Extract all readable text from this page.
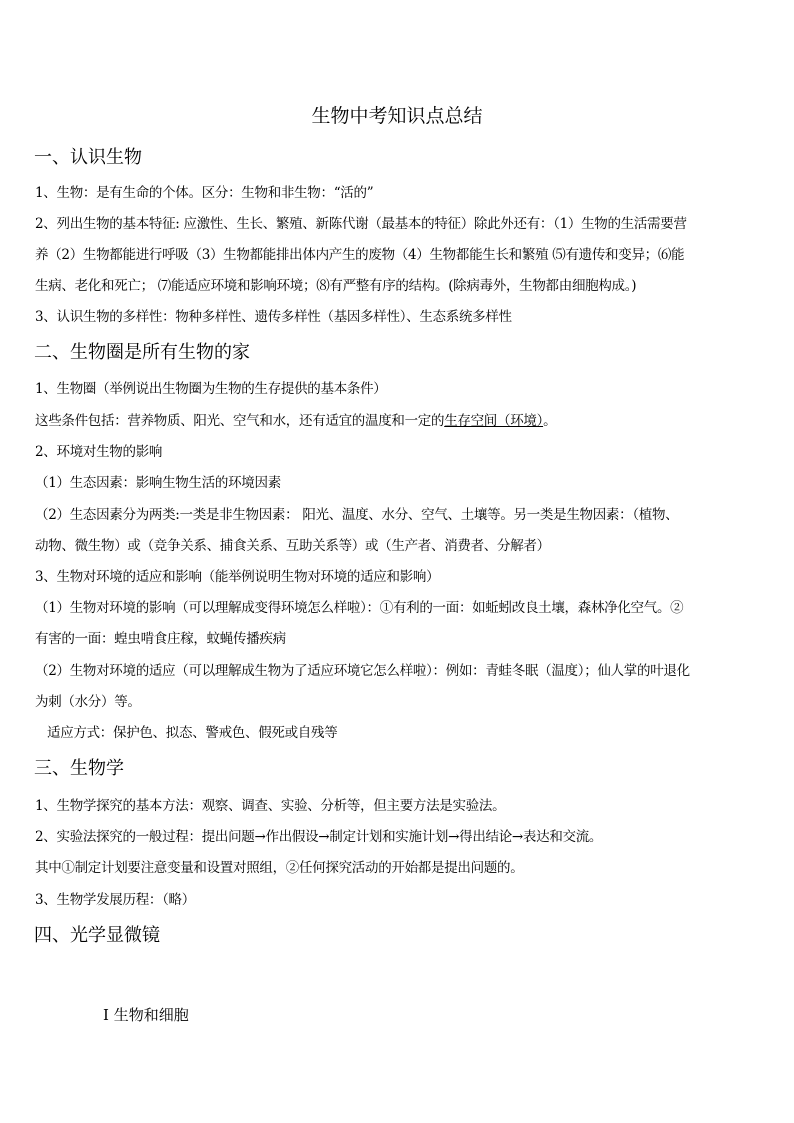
生物中考知识点总结
一、认识生物
1、生物：是有生命的个体。区分：生物和非生物：“活的”
2、列出生物的基本特征: 应激性、生长、繁殖、新陈代谢（最基本的特征）除此外还有：（1）生物的生活需要营
养（2）生物都能进行呼吸（3）生物都能排出体内产生的废物（4）生物都能生长和繁殖 ⑸有遗传和变异；⑹能
生病、老化和死亡； ⑺能适应环境和影响环境；⑻有严整有序的结构。(除病毒外，生物都由细胞构成。)
3、认识生物的多样性：物种多样性、遗传多样性（基因多样性）、生态系统多样性
二、生物圈是所有生物的家
1、生物圈（举例说出生物圈为生物的生存提供的基本条件）
这些条件包括：营养物质、阳光、空气和水，还有适宜的温度和一定的生存空间（环境）。
2、环境对生物的影响
（1）生态因素：影响生物生活的环境因素
（2）生态因素分为两类:一类是非生物因素： 阳光、温度、水分、空气、土壤等。另一类是生物因素：（植物、
动物、微生物）或（竞争关系、捕食关系、互助关系等）或（生产者、消费者、分解者）
3、生物对环境的适应和影响（能举例说明生物对环境的适应和影响）
（1）生物对环境的影响（可以理解成变得环境怎么样啦）：①有利的一面：如蚯蚓改良土壤，森林净化空气。②
有害的一面：蝗虫啃食庄稼，蚊蝇传播疾病
（2）生物对环境的适应（可以理解成生物为了适应环境它怎么样啦）：例如：青蛙冬眠（温度）；仙人掌的叶退化
为刺（水分）等。
适应方式：保护色、拟态、警戒色、假死或自残等
三、生物学
1、生物学探究的基本方法：观察、调查、实验、分析等，但主要方法是实验法。
2、实验法探究的一般过程：提出问题→作出假设→制定计划和实施计划→得出结论→表达和交流。
其中①制定计划要注意变量和设置对照组，②任何探究活动的开始都是提出问题的。
3、生物学发展历程：（略）
四、光学显微镜
Ⅰ 生物和细胞
